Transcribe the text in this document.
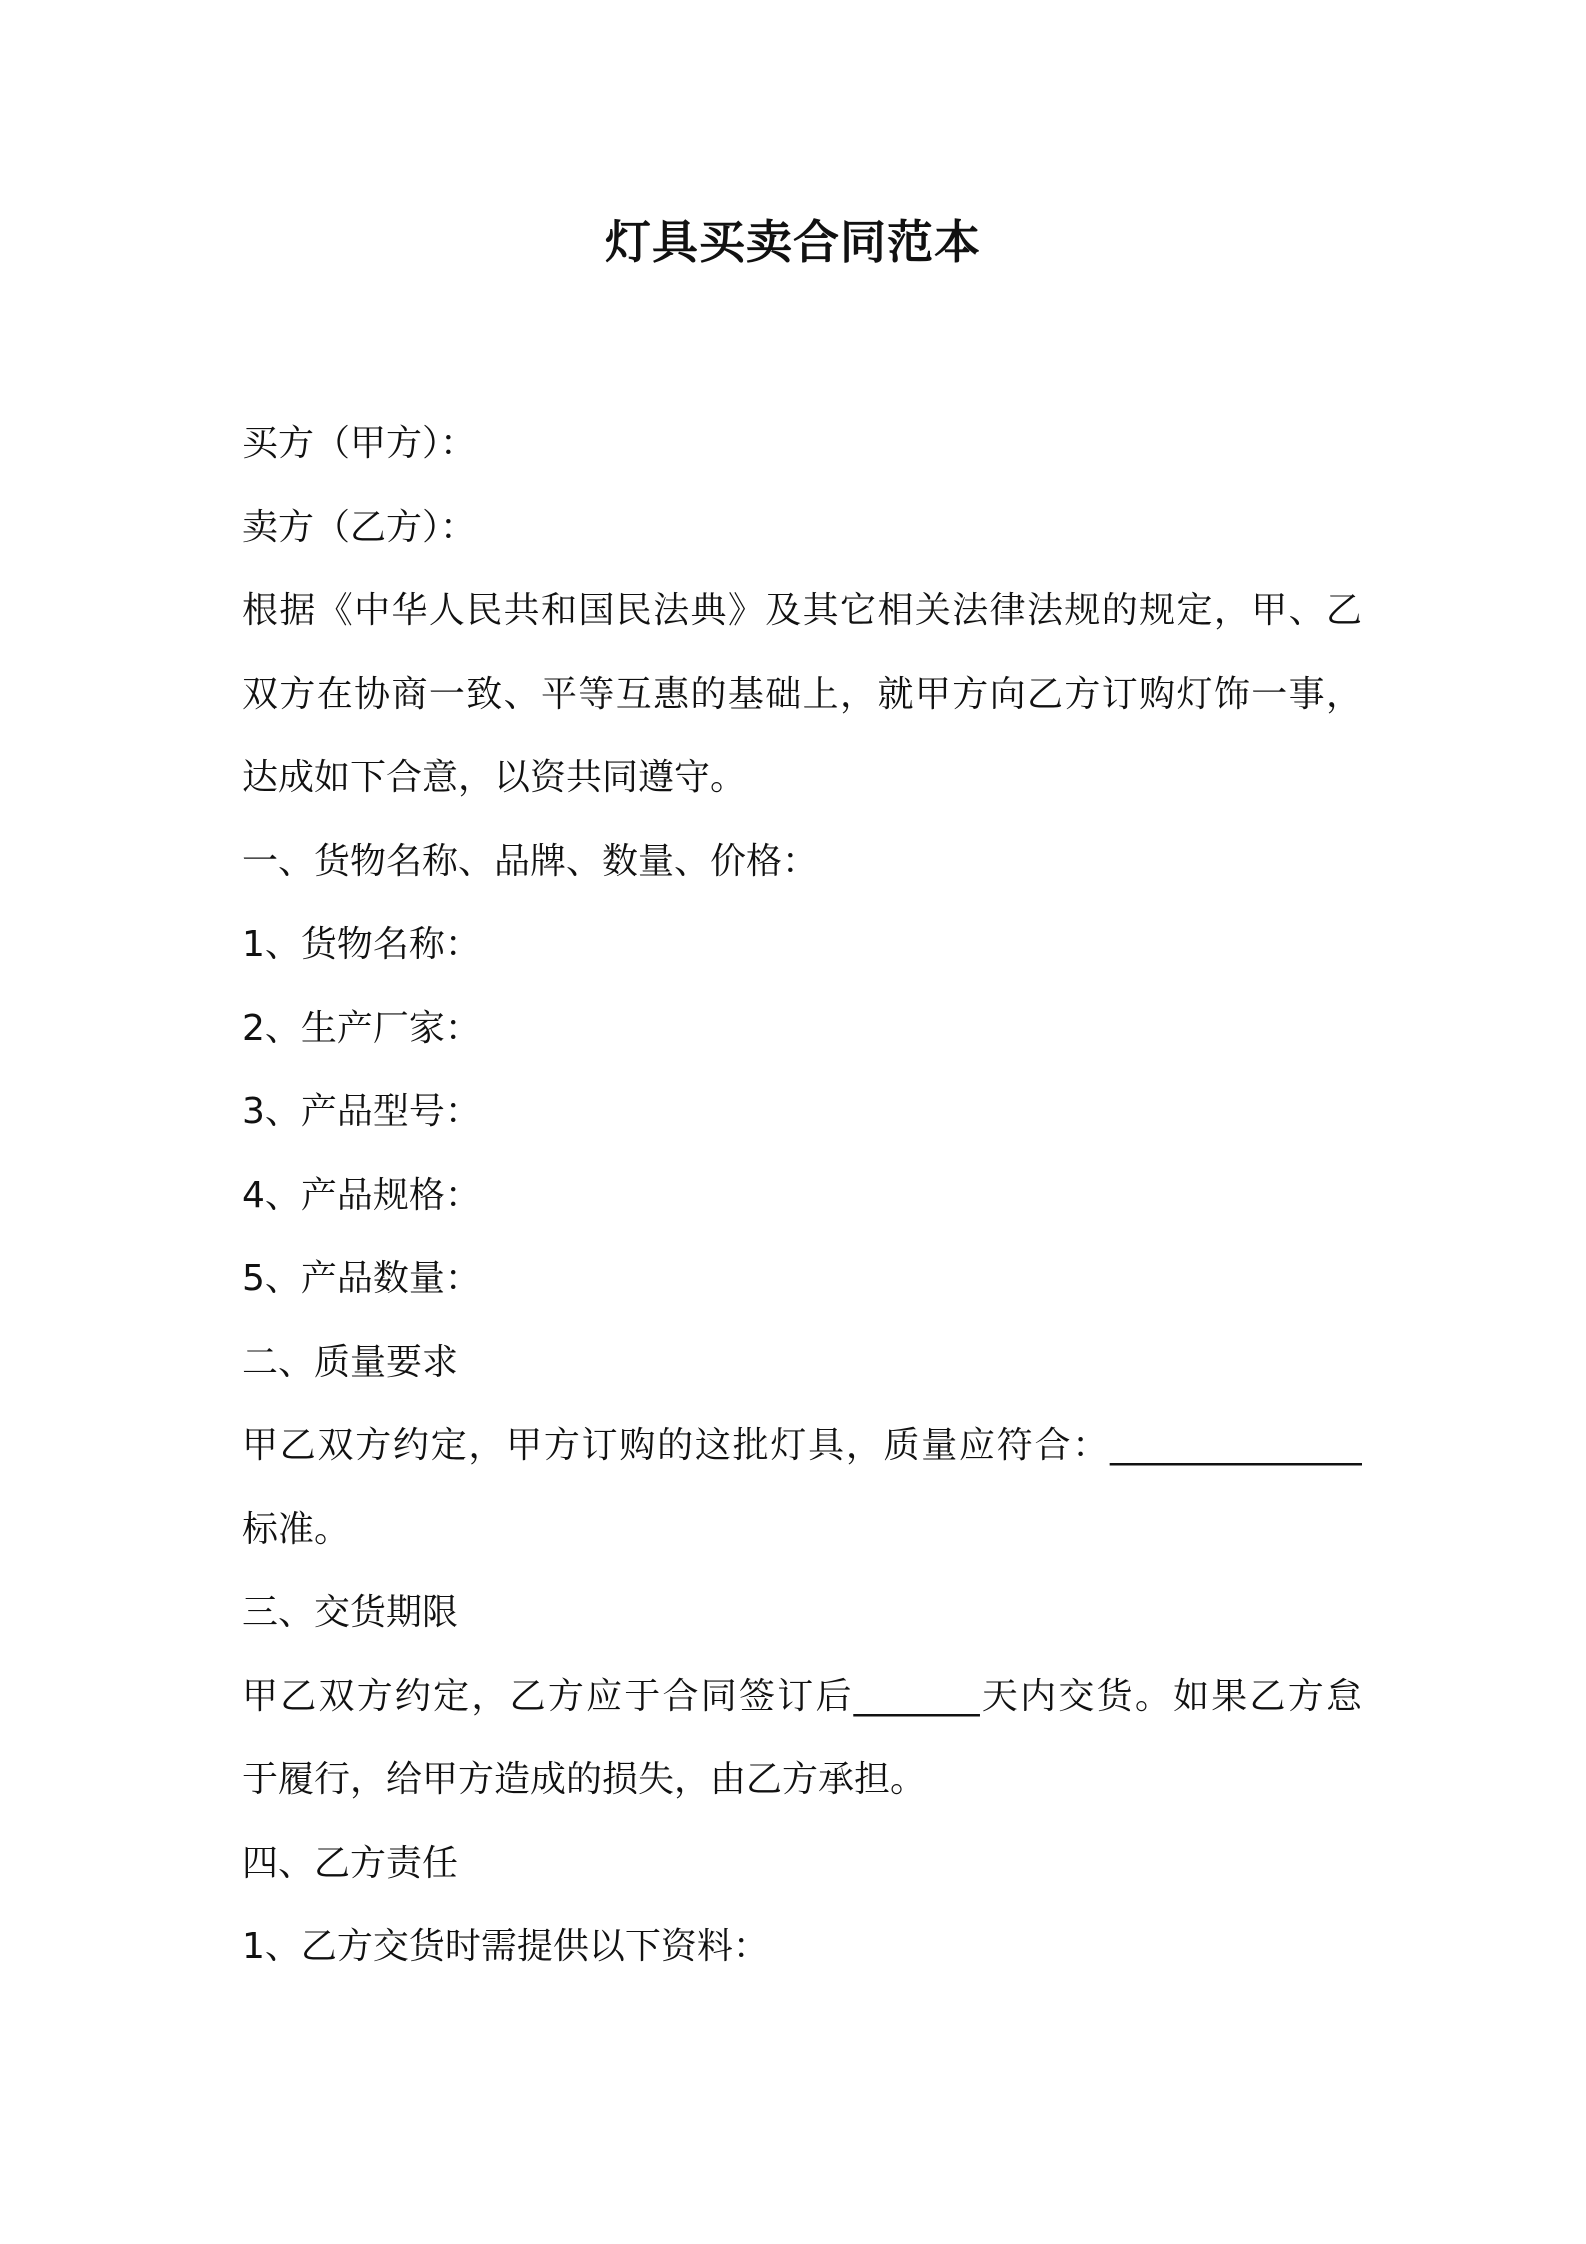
灯具买卖合同范本
买方（甲方）：
卖方（乙方）：
根据《中华人民共和国民法典》及其它相关法律法规的规定，甲、乙
双方在协商一致、平等互惠的基础上，就甲方向乙方订购灯饰一事，
达成如下合意，以资共同遵守。
一、货物名称、品牌、数量、价格：
1、货物名称：
2、生产厂家：
3、产品型号：
4、产品规格：
5、产品数量：
二、质量要求
甲乙双方约定，甲方订购的这批灯具，质量应符合：______________
标准。
三、交货期限
甲乙双方约定，乙方应于合同签订后_______天内交货。如果乙方怠
于履行，给甲方造成的损失，由乙方承担。
四、乙方责任
1、乙方交货时需提供以下资料：
